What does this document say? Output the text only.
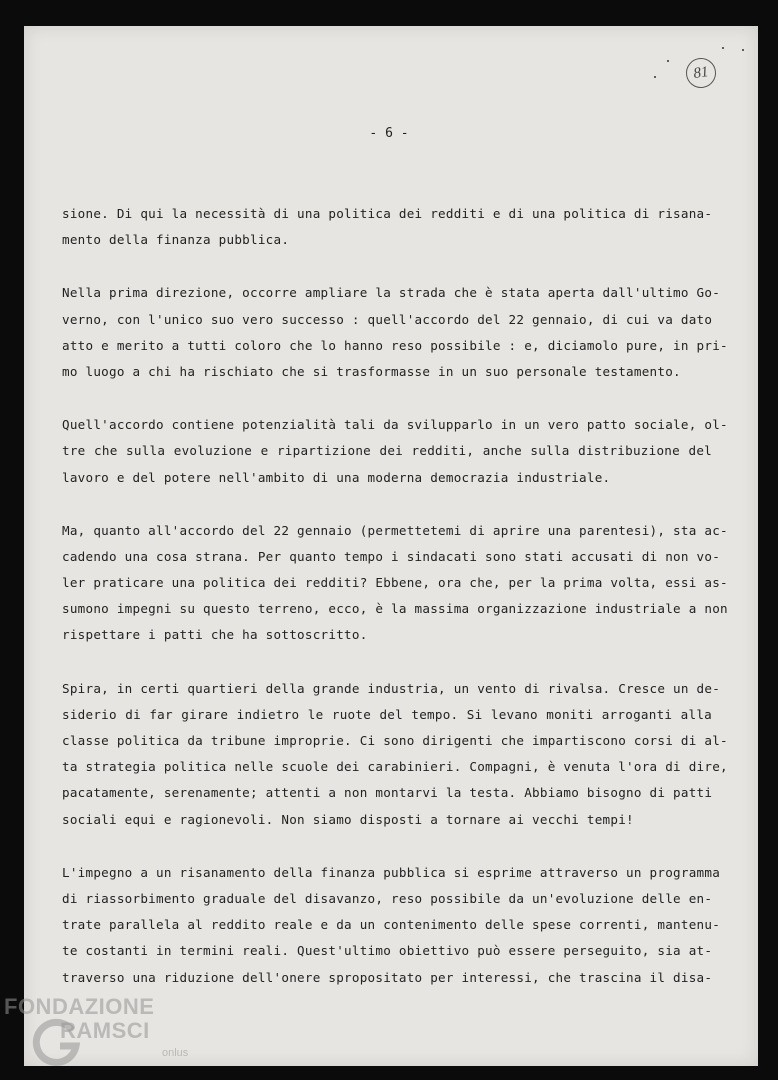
81
- 6 -
sione. Di qui la necessità di una politica dei redditi e di una politica di risana-
mento della finanza pubblica.
Nella prima direzione, occorre ampliare la strada che è stata aperta dall'ultimo Go-
verno, con l'unico suo vero successo : quell'accordo del 22 gennaio, di cui va dato
atto e merito a tutti coloro che lo hanno reso possibile : e, diciamolo pure, in pri-
mo luogo a chi ha rischiato che si trasformasse in un suo personale testamento.
Quell'accordo contiene potenzialità tali da svilupparlo in un vero patto sociale, ol-
tre che sulla evoluzione e ripartizione dei redditi, anche sulla distribuzione del
lavoro e del potere nell'ambito di una moderna democrazia industriale.
Ma, quanto all'accordo del 22 gennaio (permettetemi di aprire una parentesi), sta ac-
cadendo una cosa strana. Per quanto tempo i sindacati sono stati accusati di non vo-
ler praticare una politica dei redditi? Ebbene, ora che, per la prima volta, essi as-
sumono impegni su questo terreno, ecco, è la massima organizzazione industriale a non
rispettare i patti che ha sottoscritto.
Spira, in certi quartieri della grande industria, un vento di rivalsa. Cresce un de-
siderio di far girare indietro le ruote del tempo. Si levano moniti arroganti alla
classe politica da tribune improprie. Ci sono dirigenti che impartiscono corsi di al-
ta strategia politica nelle scuole dei carabinieri. Compagni, è venuta l'ora di dire,
pacatamente, serenamente; attenti a non montarvi la testa. Abbiamo bisogno di patti
sociali equi e ragionevoli. Non siamo disposti a tornare ai vecchi tempi!
L'impegno a un risanamento della finanza pubblica si esprime attraverso un programma
di riassorbimento graduale del disavanzo, reso possibile da un'evoluzione delle en-
trate parallela al reddito reale e da un contenimento delle spese correnti, mantenu-
te costanti in termini reali. Quest'ultimo obiettivo può essere perseguito, sia at-
traverso una riduzione dell'onere spropositato per interessi, che trascina il disa-
FONDAZIONE
RAMSCI
onlus
